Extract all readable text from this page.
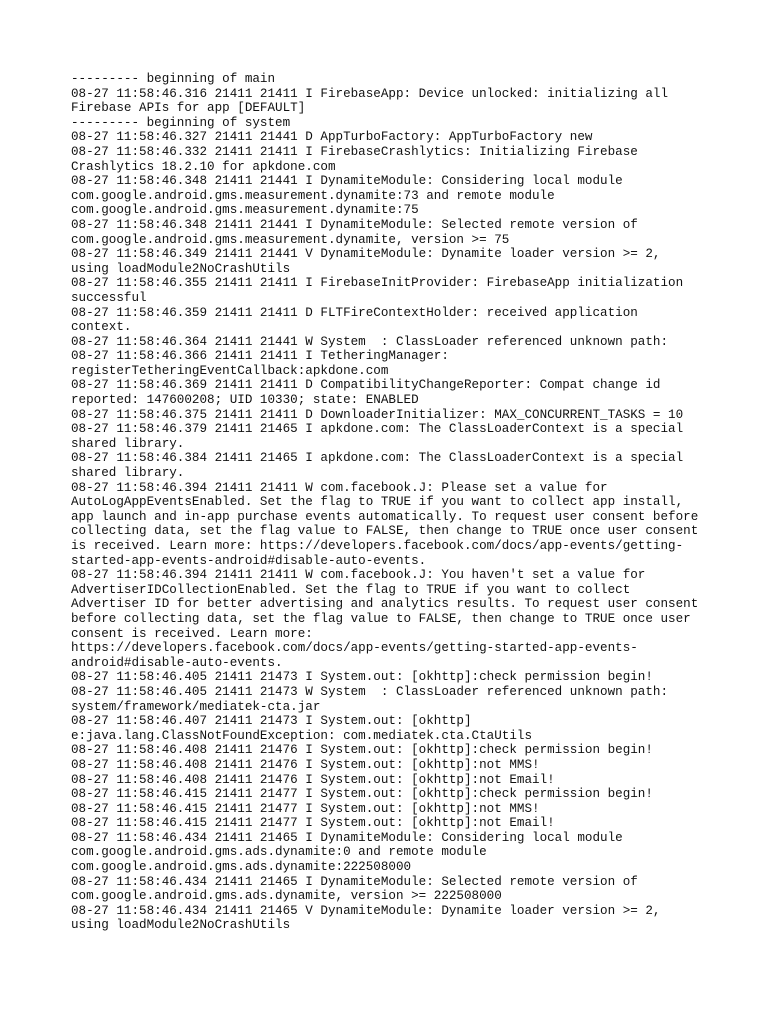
--------- beginning of main
08-27 11:58:46.316 21411 21411 I FirebaseApp: Device unlocked: initializing all
Firebase APIs for app [DEFAULT]
--------- beginning of system
08-27 11:58:46.327 21411 21441 D AppTurboFactory: AppTurboFactory new
08-27 11:58:46.332 21411 21411 I FirebaseCrashlytics: Initializing Firebase
Crashlytics 18.2.10 for apkdone.com
08-27 11:58:46.348 21411 21441 I DynamiteModule: Considering local module
com.google.android.gms.measurement.dynamite:73 and remote module
com.google.android.gms.measurement.dynamite:75
08-27 11:58:46.348 21411 21441 I DynamiteModule: Selected remote version of
com.google.android.gms.measurement.dynamite, version >= 75
08-27 11:58:46.349 21411 21441 V DynamiteModule: Dynamite loader version >= 2,
using loadModule2NoCrashUtils
08-27 11:58:46.355 21411 21411 I FirebaseInitProvider: FirebaseApp initialization
successful
08-27 11:58:46.359 21411 21411 D FLTFireContextHolder: received application
context.
08-27 11:58:46.364 21411 21441 W System  : ClassLoader referenced unknown path:
08-27 11:58:46.366 21411 21411 I TetheringManager:
registerTetheringEventCallback:apkdone.com
08-27 11:58:46.369 21411 21411 D CompatibilityChangeReporter: Compat change id
reported: 147600208; UID 10330; state: ENABLED
08-27 11:58:46.375 21411 21411 D DownloaderInitializer: MAX_CONCURRENT_TASKS = 10
08-27 11:58:46.379 21411 21465 I apkdone.com: The ClassLoaderContext is a special
shared library.
08-27 11:58:46.384 21411 21465 I apkdone.com: The ClassLoaderContext is a special
shared library.
08-27 11:58:46.394 21411 21411 W com.facebook.J: Please set a value for
AutoLogAppEventsEnabled. Set the flag to TRUE if you want to collect app install,
app launch and in-app purchase events automatically. To request user consent before
collecting data, set the flag value to FALSE, then change to TRUE once user consent
is received. Learn more: https://developers.facebook.com/docs/app-events/getting-
started-app-events-android#disable-auto-events.
08-27 11:58:46.394 21411 21411 W com.facebook.J: You haven't set a value for
AdvertiserIDCollectionEnabled. Set the flag to TRUE if you want to collect
Advertiser ID for better advertising and analytics results. To request user consent
before collecting data, set the flag value to FALSE, then change to TRUE once user
consent is received. Learn more:
https://developers.facebook.com/docs/app-events/getting-started-app-events-
android#disable-auto-events.
08-27 11:58:46.405 21411 21473 I System.out: [okhttp]:check permission begin!
08-27 11:58:46.405 21411 21473 W System  : ClassLoader referenced unknown path:
system/framework/mediatek-cta.jar
08-27 11:58:46.407 21411 21473 I System.out: [okhttp]
e:java.lang.ClassNotFoundException: com.mediatek.cta.CtaUtils
08-27 11:58:46.408 21411 21476 I System.out: [okhttp]:check permission begin!
08-27 11:58:46.408 21411 21476 I System.out: [okhttp]:not MMS!
08-27 11:58:46.408 21411 21476 I System.out: [okhttp]:not Email!
08-27 11:58:46.415 21411 21477 I System.out: [okhttp]:check permission begin!
08-27 11:58:46.415 21411 21477 I System.out: [okhttp]:not MMS!
08-27 11:58:46.415 21411 21477 I System.out: [okhttp]:not Email!
08-27 11:58:46.434 21411 21465 I DynamiteModule: Considering local module
com.google.android.gms.ads.dynamite:0 and remote module
com.google.android.gms.ads.dynamite:222508000
08-27 11:58:46.434 21411 21465 I DynamiteModule: Selected remote version of
com.google.android.gms.ads.dynamite, version >= 222508000
08-27 11:58:46.434 21411 21465 V DynamiteModule: Dynamite loader version >= 2,
using loadModule2NoCrashUtils
